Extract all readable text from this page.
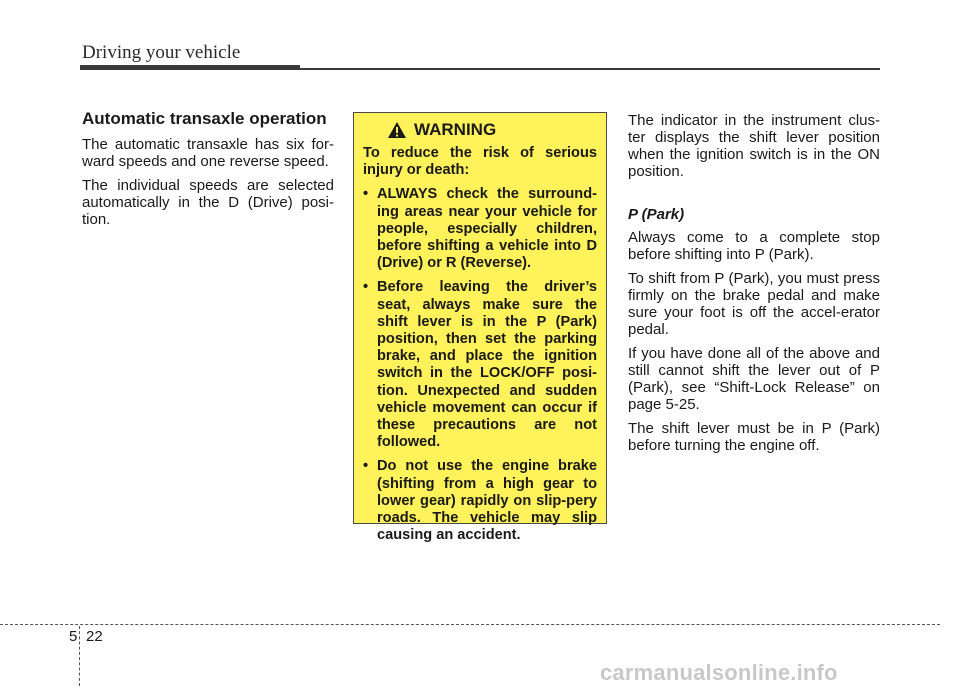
Driving your vehicle
Automatic transaxle operation

The automatic transaxle has six for-ward speeds and one reverse speed.

The individual speeds are selected automatically in the D (Drive) posi-tion.

WARNING
To reduce the risk of serious injury or death:
• ALWAYS check the surround-ing areas near your vehicle for people, especially children, before shifting a vehicle into D (Drive) or R (Reverse).
• Before leaving the driver’s seat, always make sure the shift lever is in the P (Park) position, then set the parking brake, and place the ignition switch in the LOCK/OFF posi-tion. Unexpected and sudden vehicle movement can occur if these precautions are not followed.
• Do not use the engine brake (shifting from a high gear to lower gear) rapidly on slip-pery roads. The vehicle may slip causing an accident.

The indicator in the instrument clus-ter displays the shift lever position when the ignition switch is in the ON position.

P (Park)

Always come to a complete stop before shifting into P (Park).

To shift from P (Park), you must press firmly on the brake pedal and make sure your foot is off the accel-erator pedal.

If you have done all of the above and still cannot shift the lever out of P (Park), see “Shift-Lock Release” on page 5-25.

The shift lever must be in P (Park) before turning the engine off.

5 22
carmanualsonline.info
